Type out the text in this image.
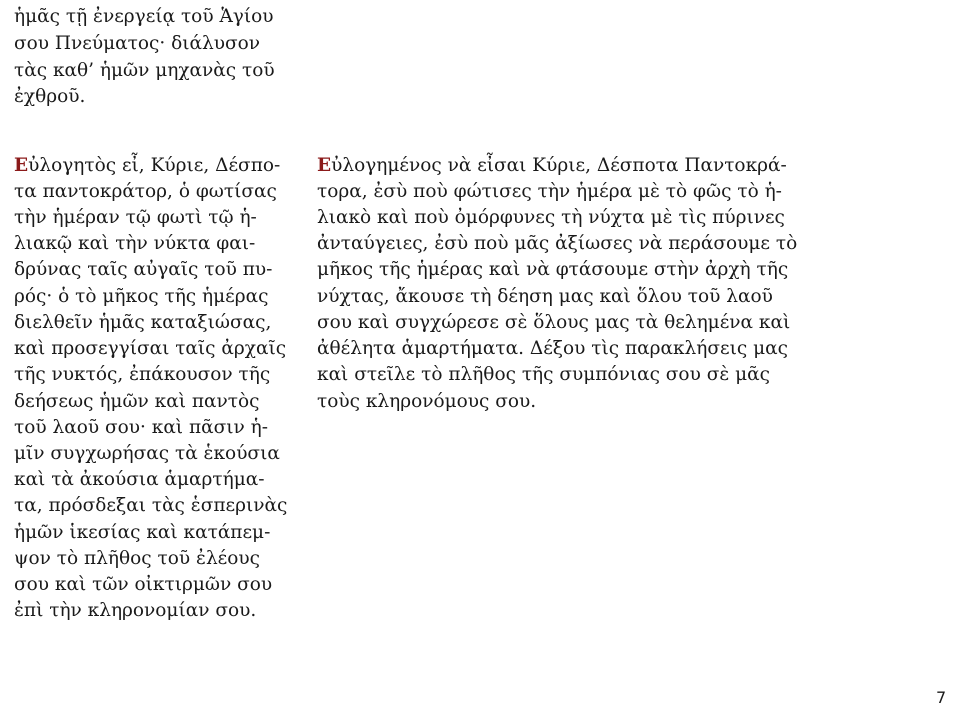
ἡμᾶς τῇ ἐνεργείᾳ τοῦ Ἁγίου
σου Πνεύματος· διάλυσον
τὰς καθ’ ἡμῶν μηχανὰς τοῦ
ἐχθροῦ.
Εὐλογητὸς εἶ, Κύριε, Δέσπο-
τα παντοκράτορ, ὁ φωτίσας
τὴν ἡμέραν τῷ φωτὶ τῷ ἡ-
λιακῷ καὶ τὴν νύκτα φαι-
δρύνας ταῖς αὐγαῖς τοῦ πυ-
ρός· ὁ τὸ μῆκος τῆς ἡμέρας
διελθεῖν ἡμᾶς καταξιώσας,
καὶ προσεγγίσαι ταῖς ἀρχαῖς
τῆς νυκτός, ἐπάκουσον τῆς
δεήσεως ἡμῶν καὶ παντὸς
τοῦ λαοῦ σου· καὶ πᾶσιν ἡ-
μῖν συγχωρήσας τὰ ἑκούσια
καὶ τὰ ἀκούσια ἁμαρτήμα-
τα, πρόσδεξαι τὰς ἑσπερινὰς
ἡμῶν ἱκεσίας καὶ κατάπεμ-
ψον τὸ πλῆθος τοῦ ἐλέους
σου καὶ τῶν οἰκτιρμῶν σου
ἐπὶ τὴν κληρονομίαν σου.
Εὐλογημένος νὰ εἶσαι Κύριε, Δέσποτα Παντοκρά-
τορα, ἐσὺ ποὺ φώτισες τὴν ἡμέρα μὲ τὸ φῶς τὸ ἡ-
λιακὸ καὶ ποὺ ὀμόρφυνες τὴ νύχτα μὲ τὶς πύρινες
ἀνταύγειες, ἐσὺ ποὺ μᾶς ἀξίωσες νὰ περάσουμε τὸ
μῆκος τῆς ἡμέρας καὶ νὰ φτάσουμε στὴν ἀρχὴ τῆς
νύχτας, ἄκουσε τὴ δέηση μας καὶ ὅλου τοῦ λαοῦ
σου καὶ συγχώρεσε σὲ ὅλους μας τὰ θελημένα καὶ
ἀθέλητα ἁμαρτήματα. Δέξου τὶς παρακλήσεις μας
καὶ στεῖλε τὸ πλῆθος τῆς συμπόνιας σου σὲ μᾶς
τοὺς κληρονόμους σου.
7
